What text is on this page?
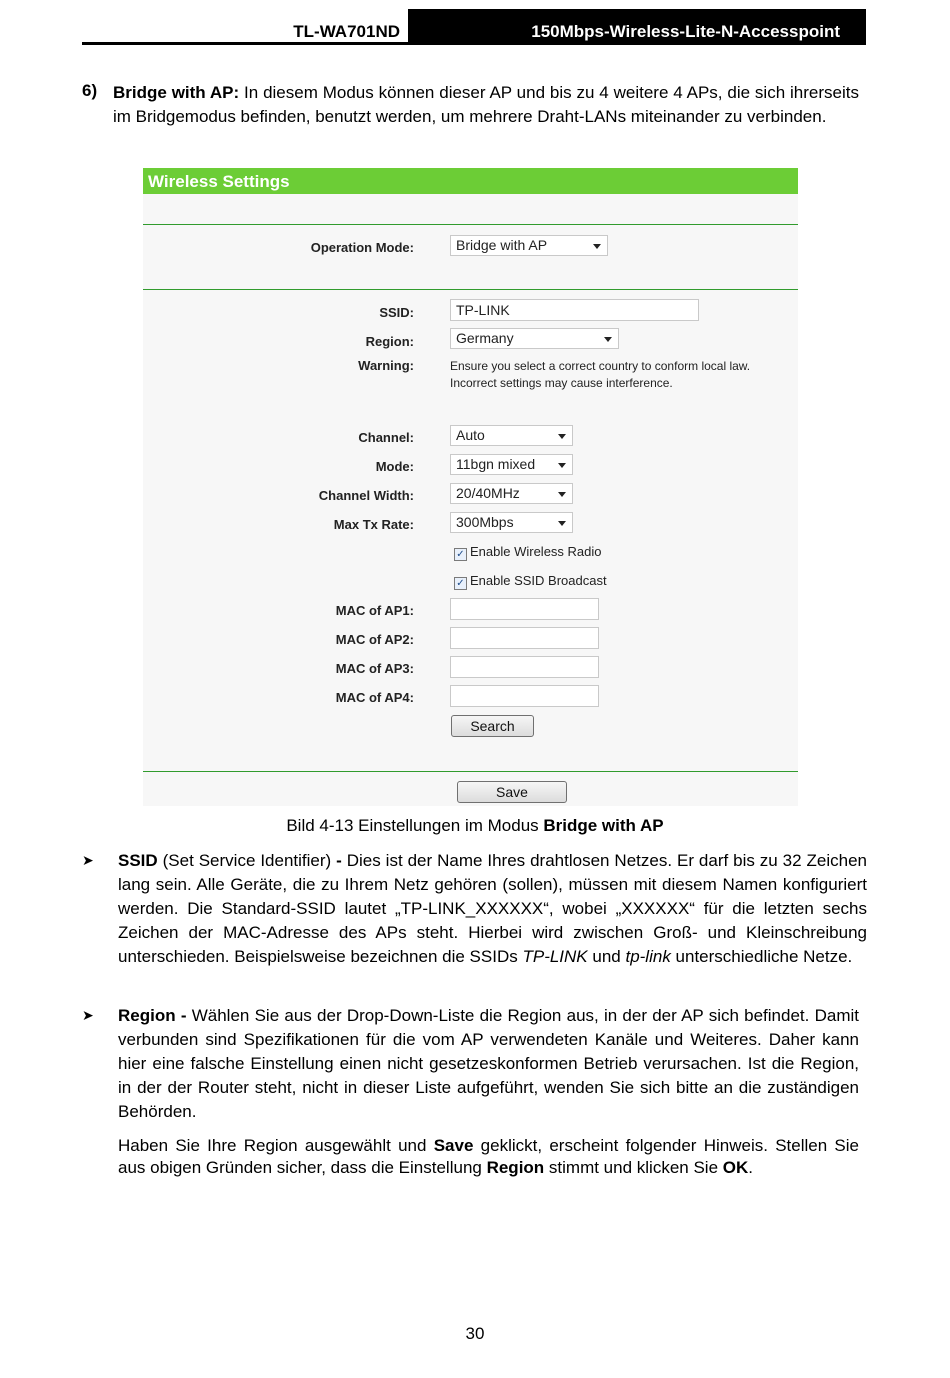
TL-WA701ND	150Mbps-Wireless-Lite-N-Accesspoint
6) Bridge with AP: In diesem Modus können dieser AP und bis zu 4 weitere 4 APs, die sich ihrerseits im Bridgemodus befinden, benutzt werden, um mehrere Draht-LANs miteinander zu verbinden.
Wireless Settings
Operation Mode:	Bridge with AP
SSID:	TP-LINK
Region:	Germany
Warning:	Ensure you select a correct country to conform local law.
Incorrect settings may cause interference.
Channel:	Auto
Mode:	11bgn mixed
Channel Width:	20/40MHz
Max Tx Rate:	300Mbps
✓ Enable Wireless Radio
✓ Enable SSID Broadcast
MAC of AP1:
MAC of AP2:
MAC of AP3:
MAC of AP4:
Search
Save
Bild 4-13 Einstellungen im Modus Bridge with AP
➤ SSID (Set Service Identifier) - Dies ist der Name Ihres drahtlosen Netzes. Er darf bis zu 32 Zeichen lang sein. Alle Geräte, die zu Ihrem Netz gehören (sollen), müssen mit diesem Namen konfiguriert werden. Die Standard-SSID lautet „TP-LINK_XXXXXX“, wobei „XXXXXX“ für die letzten sechs Zeichen der MAC-Adresse des APs steht. Hierbei wird zwischen Groß- und Kleinschreibung unterschieden. Beispielsweise bezeichnen die SSIDs TP-LINK und tp-link unterschiedliche Netze.
➤ Region - Wählen Sie aus der Drop-Down-Liste die Region aus, in der der AP sich befindet. Damit verbunden sind Spezifikationen für die vom AP verwendeten Kanäle und Weiteres. Daher kann hier eine falsche Einstellung einen nicht gesetzeskonformen Betrieb verursachen. Ist die Region, in der der Router steht, nicht in dieser Liste aufgeführt, wenden Sie sich bitte an die zuständigen Behörden.
Haben Sie Ihre Region ausgewählt und Save geklickt, erscheint folgender Hinweis. Stellen Sie aus obigen Gründen sicher, dass die Einstellung Region stimmt und klicken Sie OK.
30
